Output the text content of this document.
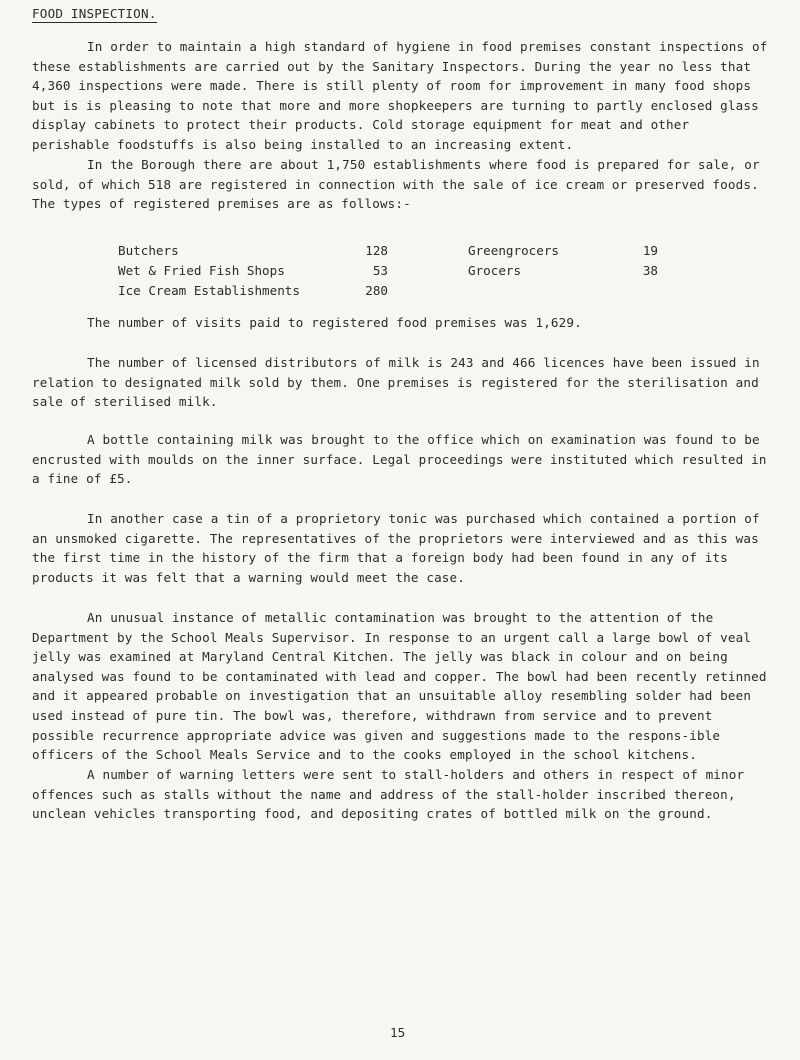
FOOD INSPECTION.

In order to maintain a high standard of hygiene in food premises constant inspections of these establishments are carried out by the Sanitary Inspectors. During the year no less that 4,360 inspections were made. There is still plenty of room for improvement in many food shops but is is pleasing to note that more and more shopkeepers are turning to partly enclosed glass display cabinets to protect their products. Cold storage equipment for meat and other perishable foodstuffs is also being installed to an increasing extent.

In the Borough there are about 1,750 establishments where food is prepared for sale, or sold, of which 518 are registered in connection with the sale of ice cream or preserved foods. The types of registered premises are as follows:-

Butchers	128		Greengrocers	19
Wet & Fried Fish Shops	53		Grocers	38
Ice Cream Establishments	280			

The number of visits paid to registered food premises was 1,629.

The number of licensed distributors of milk is 243 and 466 licences have been issued in relation to designated milk sold by them. One premises is registered for the sterilisation and sale of sterilised milk.

A bottle containing milk was brought to the office which on examination was found to be encrusted with moulds on the inner surface. Legal proceedings were instituted which resulted in a fine of £5.

In another case a tin of a proprietory tonic was purchased which contained a portion of an unsmoked cigarette. The representatives of the proprietors were interviewed and as this was the first time in the history of the firm that a foreign body had been found in any of its products it was felt that a warning would meet the case.

An unusual instance of metallic contamination was brought to the attention of the Department by the School Meals Supervisor. In response to an urgent call a large bowl of veal jelly was examined at Maryland Central Kitchen. The jelly was black in colour and on being analysed was found to be contaminated with lead and copper. The bowl had been recently retinned and it appeared probable on investigation that an unsuitable alloy resembling solder had been used instead of pure tin. The bowl was, therefore, withdrawn from service and to prevent possible recurrence appropriate advice was given and suggestions made to the respons-ible officers of the School Meals Service and to the cooks employed in the school kitchens.

A number of warning letters were sent to stall-holders and others in respect of minor offences such as stalls without the name and address of the stall-holder inscribed thereon, unclean vehicles transporting food, and depositing crates of bottled milk on the ground.

15
